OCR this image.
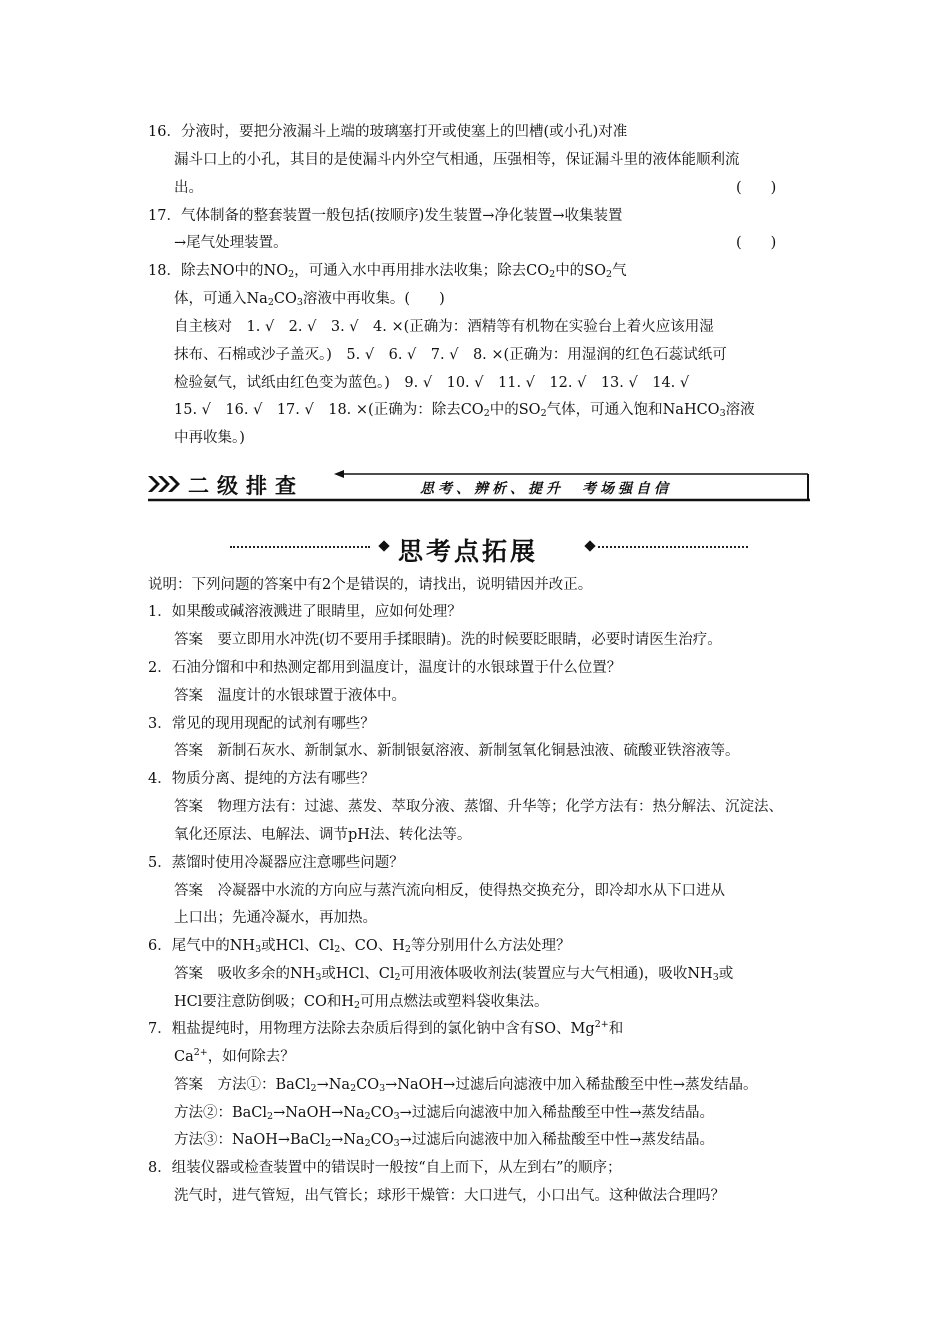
16．分液时，要把分液漏斗上端的玻璃塞打开或使塞上的凹槽(或小孔)对准
漏斗口上的小孔，其目的是使漏斗内外空气相通，压强相等，保证漏斗里的液体能顺利流
出。	(　　)
17．气体制备的整套装置一般包括(按顺序)发生装置→净化装置→收集装置
→尾气处理装置。	(　　)
18．除去NO中的$NO_2$，可通入水中再用排水法收集；除去$CO_2$中的$SO_2$气
体，可通入$Na_2CO_3$溶液中再收集。(　　)
自主核对　1. √　2. √　3. √　4. ×(正确为：酒精等有机物在实验台上着火应该用湿
抹布、石棉或沙子盖灭。)　5. √　6. √　7. √　8. ×(正确为：用湿润的红色石蕊试纸可
检验氨气，试纸由红色变为蓝色。)　9. √　10. √　11. √　12. √　13. √　14. √
15. √　16. √　17. √　18. ×(正确为：除去$CO_2$中的$SO_2$气体，可通入饱和NaHCO$_3$溶液
中再收集。)
二级排查	思考、辨析、提升　考场强自信
思考点拓展
说明：下列问题的答案中有2个是错误的，请找出，说明错因并改正。
1．如果酸或碱溶液溅进了眼睛里，应如何处理？
答案　要立即用水冲洗(切不要用手揉眼睛)。洗的时候要眨眼睛，必要时请医生治疗。
2．石油分馏和中和热测定都用到温度计，温度计的水银球置于什么位置？
答案　温度计的水银球置于液体中。
3．常见的现用现配的试剂有哪些？
答案　新制石灰水、新制氯水、新制银氨溶液、新制氢氧化铜悬浊液、硫酸亚铁溶液等。
4．物质分离、提纯的方法有哪些？
答案　物理方法有：过滤、蒸发、萃取分液、蒸馏、升华等；化学方法有：热分解法、沉淀法、
氧化还原法、电解法、调节pH法、转化法等。
5．蒸馏时使用冷凝器应注意哪些问题？
答案　冷凝器中水流的方向应与蒸汽流向相反，使得热交换充分，即冷却水从下口进从
上口出；先通冷凝水，再加热。
6．尾气中的$NH_3$或HCl、$Cl_2$、CO、$H_2$等分别用什么方法处理？
答案　吸收多余的$NH_3$或HCl、$Cl_2$可用液体吸收剂法(装置应与大气相通)，吸收$NH_3$或
HCl要注意防倒吸；CO和$H_2$可用点燃法或塑料袋收集法。
7．粗盐提纯时，用物理方法除去杂质后得到的氯化钠中含有SO、$Mg^{2+}$和
$Ca^{2+}$，如何除去？
答案　方法①：$BaCl_2\to Na_2CO_3\to NaOH\to$过滤后向滤液中加入稀盐酸至中性→蒸发结晶。
方法②：$BaCl_2\to NaOH\to Na_2CO_3\to$过滤后向滤液中加入稀盐酸至中性→蒸发结晶。
方法③：$NaOH\to BaCl_2\to Na_2CO_3\to$过滤后向滤液中加入稀盐酸至中性→蒸发结晶。
8．组装仪器或检查装置中的错误时一般按“自上而下，从左到右”的顺序；
洗气时，进气管短，出气管长；球形干燥管：大口进气，小口出气。这种做法合理吗？
